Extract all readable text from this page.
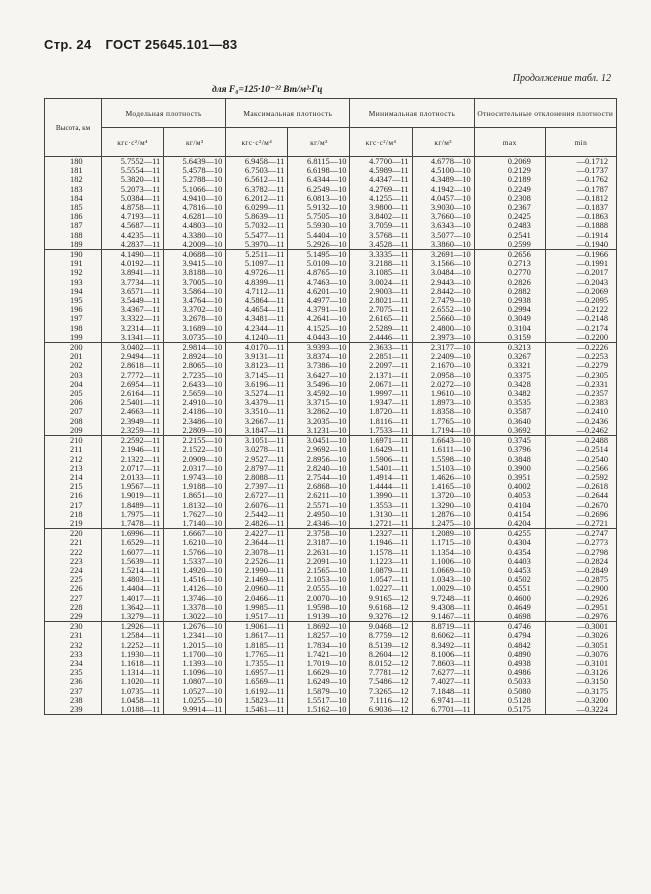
Стр. 24 ГОСТ 25645.101—83
Продолжение табл. 12
для F₀=125·10⁻²² Вт/м²·Гц
Высота, км	Модельная плотность		Максимальная плотность		Минимальная плотность		Относительные отклонения плотности	
	кгс·с²/м⁴	кг/м³	кгс·с²/м⁴	кг/м³	кгс·с²/м⁴	кг/м³	max	min
180	5.7552—11	5.6439—10	6.9458—11	6.8115—10	4.7700—11	4.6778—10	0.2069	—0.1712
181	5.5554—11	5.4578—10	6.7503—11	6.6198—10	4.5989—11	4.5100—10	0.2129	—0.1737
182	5.3820—11	5.2788—10	6.5612—11	6.4344—10	4.4347—11	4.3489—10	0.2189	—0.1762
183	5.2073—11	5.1066—10	6.3782—11	6.2549—10	4.2769—11	4.1942—10	0.2249	—0.1787
184	5.0384—11	4.9410—10	6.2012—11	6.0813—10	4.1255—11	4.0457—10	0.2308	—0.1812
185	4.8758—11	4.7816—10	6.0299—11	5.9132—10	3.9800—11	3.9030—10	0.2367	—0.1837
186	4.7193—11	4.6281—10	5.8639—11	5.7505—10	3.8402—11	3.7660—10	0.2425	—0.1863
187	4.5687—11	4.4803—10	5.7032—11	5.5930—10	3.7059—11	3.6343—10	0.2483	—0.1888
188	4.4235—11	4.3380—10	5.5477—11	5.4404—10	3.5768—11	3.5077—10	0.2541	—0.1914
189	4.2837—11	4.2009—10	5.3970—11	5.2926—10	3.4528—11	3.3860—10	0.2599	—0.1940
190	4.1490—11	4.0688—10	5.2511—11	5.1495—10	3.3335—11	3.2691—10	0.2656	—0.1966
191	4.0192—11	3.9415—10	5.1097—11	5.0109—10	3.2188—11	3.1566—10	0.2713	—0.1991
192	3.8941—11	3.8188—10	4.9726—11	4.8765—10	3.1085—11	3.0484—10	0.2770	—0.2017
193	3.7734—11	3.7005—10	4.8399—11	4.7463—10	3.0024—11	2.9443—10	0.2826	—0.2043
194	3.6571—11	3.5864—10	4.7112—11	4.6201—10	2.9003—11	2.8442—10	0.2882	—0.2069
195	3.5449—11	3.4764—10	4.5864—11	4.4977—10	2.8021—11	2.7479—10	0.2938	—0.2095
196	3.4367—11	3.3702—10	4.4654—11	4.3791—10	2.7075—11	2.6552—10	0.2994	—0.2122
197	3.3322—11	3.2678—10	4.3481—11	4.2641—10	2.6165—11	2.5660—10	0.3049	—0.2148
198	3.2314—11	3.1689—10	4.2344—11	4.1525—10	2.5289—11	2.4800—10	0.3104	—0.2174
199	3.1341—11	3.0735—10	4.1240—11	4.0443—10	2.4446—11	2.3973—10	0.3159	—0.2200
200	3.0402—11	2.9814—10	4.0170—11	3.9393—10	2.3633—11	2.3177—10	0.3213	—0.2226
201	2.9494—11	2.8924—10	3.9131—11	3.8374—10	2.2851—11	2.2409—10	0.3267	—0.2253
202	2.8618—11	2.8065—10	3.8123—11	3.7386—10	2.2097—11	2.1670—10	0.3321	—0.2279
203	2.7772—11	2.7235—10	3.7145—11	3.6427—10	2.1371—11	2.0958—10	0.3375	—0.2305
204	2.6954—11	2.6433—10	3.6196—11	3.5496—10	2.0671—11	2.0272—10	0.3428	—0.2331
205	2.6164—11	2.5659—10	3.5274—11	3.4592—10	1.9997—11	1.9610—10	0.3482	—0.2357
206	2.5401—11	2.4910—10	3.4379—11	3.3715—10	1.9347—11	1.8973—10	0.3535	—0.2383
207	2.4663—11	2.4186—10	3.3510—11	3.2862—10	1.8720—11	1.8358—10	0.3587	—0.2410
208	2.3949—11	2.3486—10	3.2667—11	3.2035—10	1.8116—11	1.7765—10	0.3640	—0.2436
209	2.3259—11	2.2809—10	3.1847—11	3.1231—10	1.7533—11	1.7194—10	0.3692	—0.2462
210	2.2592—11	2.2155—10	3.1051—11	3.0451—10	1.6971—11	1.6643—10	0.3745	—0.2488
211	2.1946—11	2.1522—10	3.0278—11	2.9692—10	1.6429—11	1.6111—10	0.3796	—0.2514
212	2.1322—11	2.0909—10	2.9527—11	2.8956—10	1.5906—11	1.5598—10	0.3848	—0.2540
213	2.0717—11	2.0317—10	2.8797—11	2.8240—10	1.5401—11	1.5103—10	0.3900	—0.2566
214	2.0133—11	1.9743—10	2.8088—11	2.7544—10	1.4914—11	1.4626—10	0.3951	—0.2592
215	1.9567—11	1.9188—10	2.7397—11	2.6868—10	1.4444—11	1.4165—10	0.4002	—0.2618
216	1.9019—11	1.8651—10	2.6727—11	2.6211—10	1.3990—11	1.3720—10	0.4053	—0.2644
217	1.8489—11	1.8132—10	2.6076—11	2.5571—10	1.3553—11	1.3290—10	0.4104	—0.2670
218	1.7975—11	1.7627—10	2.5442—11	2.4950—10	1.3130—11	1.2876—10	0.4154	—0.2696
219	1.7478—11	1.7140—10	2.4826—11	2.4346—10	1.2721—11	1.2475—10	0.4204	—0.2721
220	1.6996—11	1.6667—10	2.4227—11	2.3758—10	1.2327—11	1.2089—10	0.4255	—0.2747
221	1.6529—11	1.6210—10	2.3644—11	2.3187—10	1.1946—11	1.1715—10	0.4304	—0.2773
222	1.6077—11	1.5766—10	2.3078—11	2.2631—10	1.1578—11	1.1354—10	0.4354	—0.2798
223	1.5639—11	1.5337—10	2.2526—11	2.2091—10	1.1223—11	1.1006—10	0.4403	—0.2824
224	1.5214—11	1.4920—10	2.1990—11	2.1565—10	1.0879—11	1.0669—10	0.4453	—0.2849
225	1.4803—11	1.4516—10	2.1469—11	2.1053—10	1.0547—11	1.0343—10	0.4502	—0.2875
226	1.4404—11	1.4126—10	2.0960—11	2.0555—10	1.0227—11	1.0029—10	0.4551	—0.2900
227	1.4017—11	1.3746—10	2.0466—11	2.0070—10	9.9165—12	9.7248—11	0.4600	—0.2926
228	1.3642—11	1.3378—10	1.9985—11	1.9598—10	9.6168—12	9.4308—11	0.4649	—0.2951
229	1.3279—11	1.3022—10	1.9517—11	1.9139—10	9.3276—12	9.1467—11	0.4698	—0.2976
230	1.2926—11	1.2676—10	1.9061—11	1.8692—10	9.0468—12	8.8719—11	0.4746	—0.3001
231	1.2584—11	1.2341—10	1.8617—11	1.8257—10	8.7759—12	8.6062—11	0.4794	—0.3026
232	1.2252—11	1.2015—10	1.8185—11	1.7834—10	8.5139—12	8.3492—11	0.4842	—0.3051
233	1.1930—11	1.1700—10	1.7765—11	1.7421—10	8.2604—12	8.1006—11	0.4890	—0.3076
234	1.1618—11	1.1393—10	1.7355—11	1.7019—10	8.0152—12	7.8603—11	0.4938	—0.3101
235	1.1314—11	1.1096—10	1.6957—11	1.6629—10	7.7781—12	7.6277—11	0.4986	—0.3126
236	1.1020—11	1.0807—10	1.6569—11	1.6249—10	7.5486—12	7.4027—11	0.5033	—0.3150
237	1.0735—11	1.0527—10	1.6192—11	1.5879—10	7.3265—12	7.1848—11	0.5080	—0.3175
238	1.0458—11	1.0255—10	1.5823—11	1.5517—10	7.1116—12	6.9741—11	0.5128	—0.3200
239	1.0188—11	9.9914—11	1.5461—11	1.5162—10	6.9036—12	6.7701—11	0.5175	—0.3224
